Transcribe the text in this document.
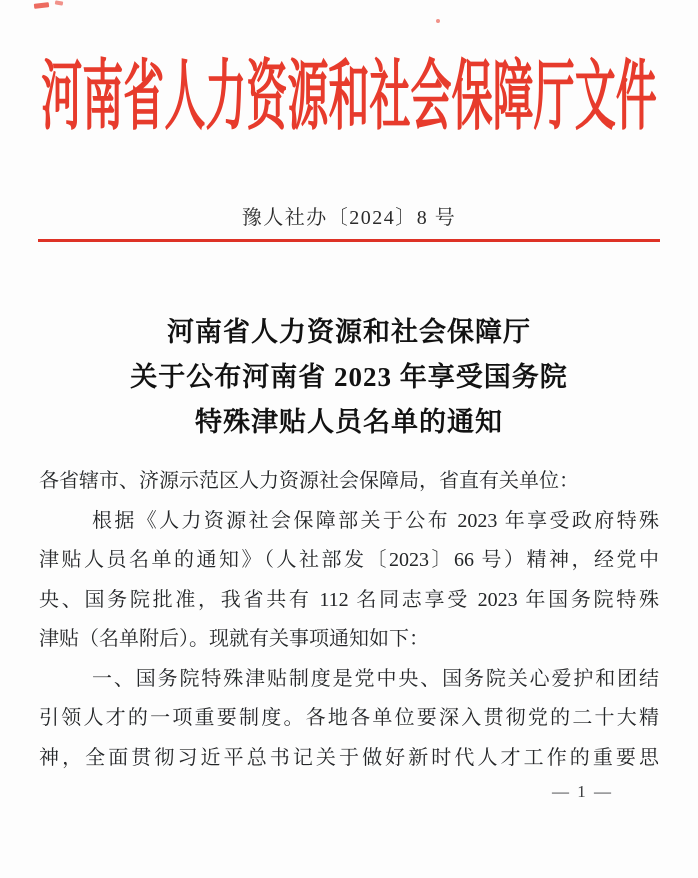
河南省人力资源和社会保障厅文件
豫人社办〔2024〕8 号
河南省人力资源和社会保障厅
关于公布河南省 2023 年享受国务院
特殊津贴人员名单的通知

各省辖市、济源示范区人力资源社会保障局，省直有关单位：

根据《人力资源社会保障部关于公布 2023 年享受政府特殊

津贴人员名单的通知》（人社部发〔2023〕66 号）精神，经党中

央、国务院批准，我省共有 112 名同志享受 2023 年国务院特殊

津贴（名单附后）。现就有关事项通知如下：

一、国务院特殊津贴制度是党中央、国务院关心爱护和团结

引领人才的一项重要制度。各地各单位要深入贯彻党的二十大精

神，全面贯彻习近平总书记关于做好新时代人才工作的重要思

— 1 —
